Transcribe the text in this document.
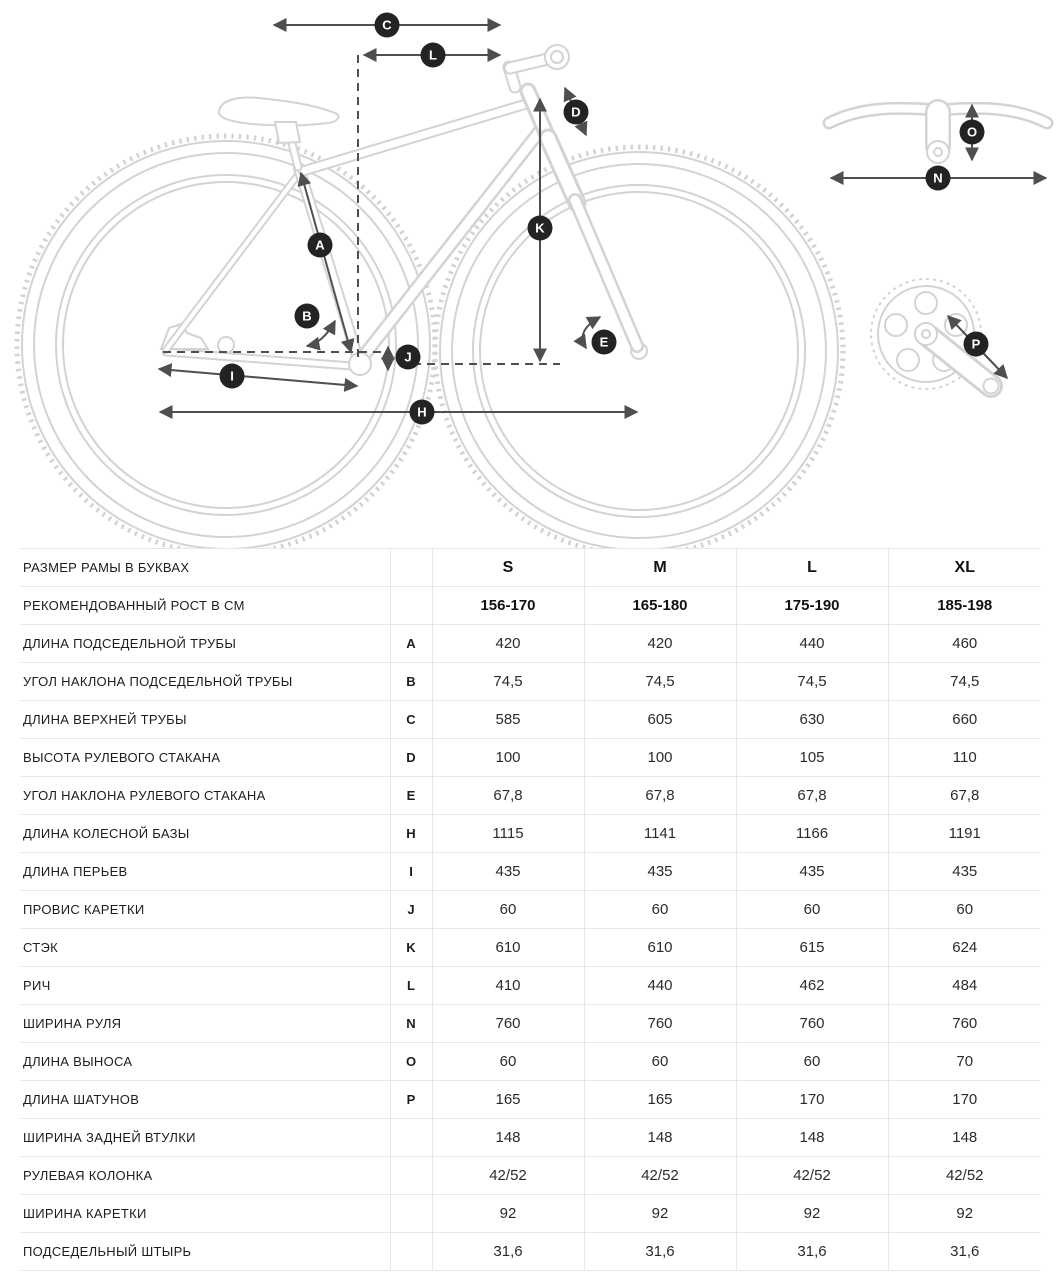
C
L
D
A
K
B
E
J
I
H
O
N
P
РАЗМЕР РАМЫ В БУКВАХ		S	M	L	XL
РЕКОМЕНДОВАННЫЙ РОСТ В СМ		156-170	165-180	175-190	185-198
ДЛИНА ПОДСЕДЕЛЬНОЙ ТРУБЫ	A	420	420	440	460
УГОЛ НАКЛОНА ПОДСЕДЕЛЬНОЙ ТРУБЫ	B	74,5	74,5	74,5	74,5
ДЛИНА ВЕРХНЕЙ ТРУБЫ	C	585	605	630	660
ВЫСОТА РУЛЕВОГО СТАКАНА	D	100	100	105	110
УГОЛ НАКЛОНА РУЛЕВОГО СТАКАНА	E	67,8	67,8	67,8	67,8
ДЛИНА КОЛЕСНОЙ БАЗЫ	H	1115	1141	1166	1191
ДЛИНА ПЕРЬЕВ	I	435	435	435	435
ПРОВИС КАРЕТКИ	J	60	60	60	60
СТЭК	K	610	610	615	624
РИЧ	L	410	440	462	484
ШИРИНА РУЛЯ	N	760	760	760	760
ДЛИНА ВЫНОСА	O	60	60	60	70
ДЛИНА ШАТУНОВ	P	165	165	170	170
ШИРИНА ЗАДНЕЙ ВТУЛКИ		148	148	148	148
РУЛЕВАЯ КОЛОНКА		42/52	42/52	42/52	42/52
ШИРИНА КАРЕТКИ		92	92	92	92
ПОДСЕДЕЛЬНЫЙ ШТЫРЬ		31,6	31,6	31,6	31,6
